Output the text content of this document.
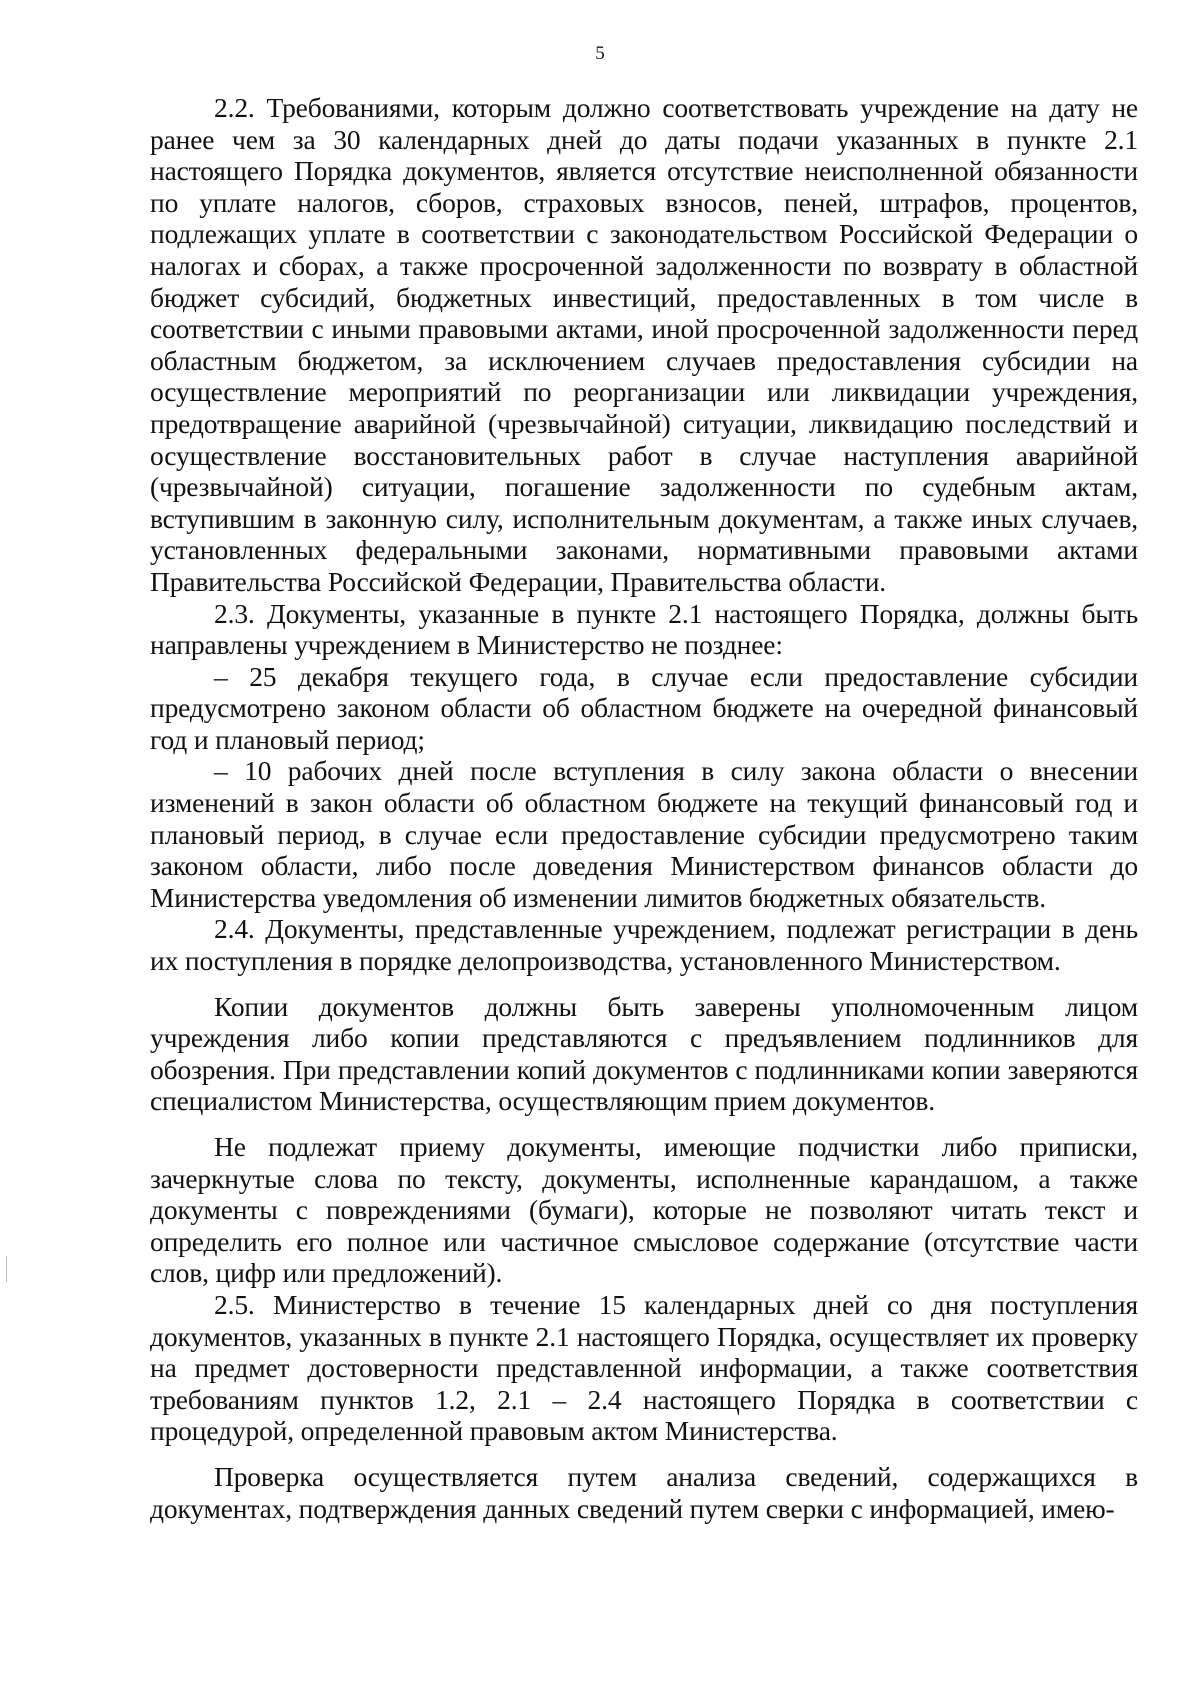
5

2.2. Требованиями, которым должно соответствовать учреждение на дату не ранее чем за 30 календарных дней до даты подачи указанных в пункте 2.1 настоящего Порядка документов, является отсутствие неисполненной обязанности по уплате налогов, сборов, страховых взносов, пеней, штрафов, процентов, подлежащих уплате в соответствии с законодательством Российской Федерации о налогах и сборах, а также просроченной задолженности по возврату в областной бюджет субсидий, бюджетных инвестиций, предоставленных в том числе в соответствии с иными правовыми актами, иной просроченной задолженности перед областным бюджетом, за исключением случаев предоставления субсидии на осуществление мероприятий по реорганизации или ликвидации учреждения, предотвращение аварийной (чрезвычайной) ситуации, ликвидацию последствий и осуществление восстановительных работ в случае наступления аварийной (чрезвычайной) ситуации, погашение задолженности по судебным актам, вступившим в законную силу, исполнительным документам, а также иных случаев, установленных федеральными законами, нормативными правовыми актами Правительства Российской Федерации, Правительства области.

2.3. Документы, указанные в пункте 2.1 настоящего Порядка, должны быть направлены учреждением в Министерство не позднее:

– 25 декабря текущего года, в случае если предоставление субсидии предусмотрено законом области об областном бюджете на очередной финансовый год и плановый период;

– 10 рабочих дней после вступления в силу закона области о внесении изменений в закон области об областном бюджете на текущий финансовый год и плановый период, в случае если предоставление субсидии предусмотрено таким законом области, либо после доведения Министерством финансов области до Министерства уведомления об изменении лимитов бюджетных обязательств.

2.4. Документы, представленные учреждением, подлежат регистрации в день их поступления в порядке делопроизводства, установленного Министерством.

Копии документов должны быть заверены уполномоченным лицом учреждения либо копии представляются с предъявлением подлинников для обозрения. При представлении копий документов с подлинниками копии заверяются специалистом Министерства, осуществляющим прием документов.

Не подлежат приему документы, имеющие подчистки либо приписки, зачеркнутые слова по тексту, документы, исполненные карандашом, а также документы с повреждениями (бумаги), которые не позволяют читать текст и определить его полное или частичное смысловое содержание (отсутствие части слов, цифр или предложений).

2.5. Министерство в течение 15 календарных дней со дня поступления документов, указанных в пункте 2.1 настоящего Порядка, осуществляет их проверку на предмет достоверности представленной информации, а также соответствия требованиям пунктов 1.2, 2.1 – 2.4 настоящего Порядка в соответствии с процедурой, определенной правовым актом Министерства.

Проверка осуществляется путем анализа сведений, содержащихся в документах, подтверждения данных сведений путем сверки с информацией, имею-
